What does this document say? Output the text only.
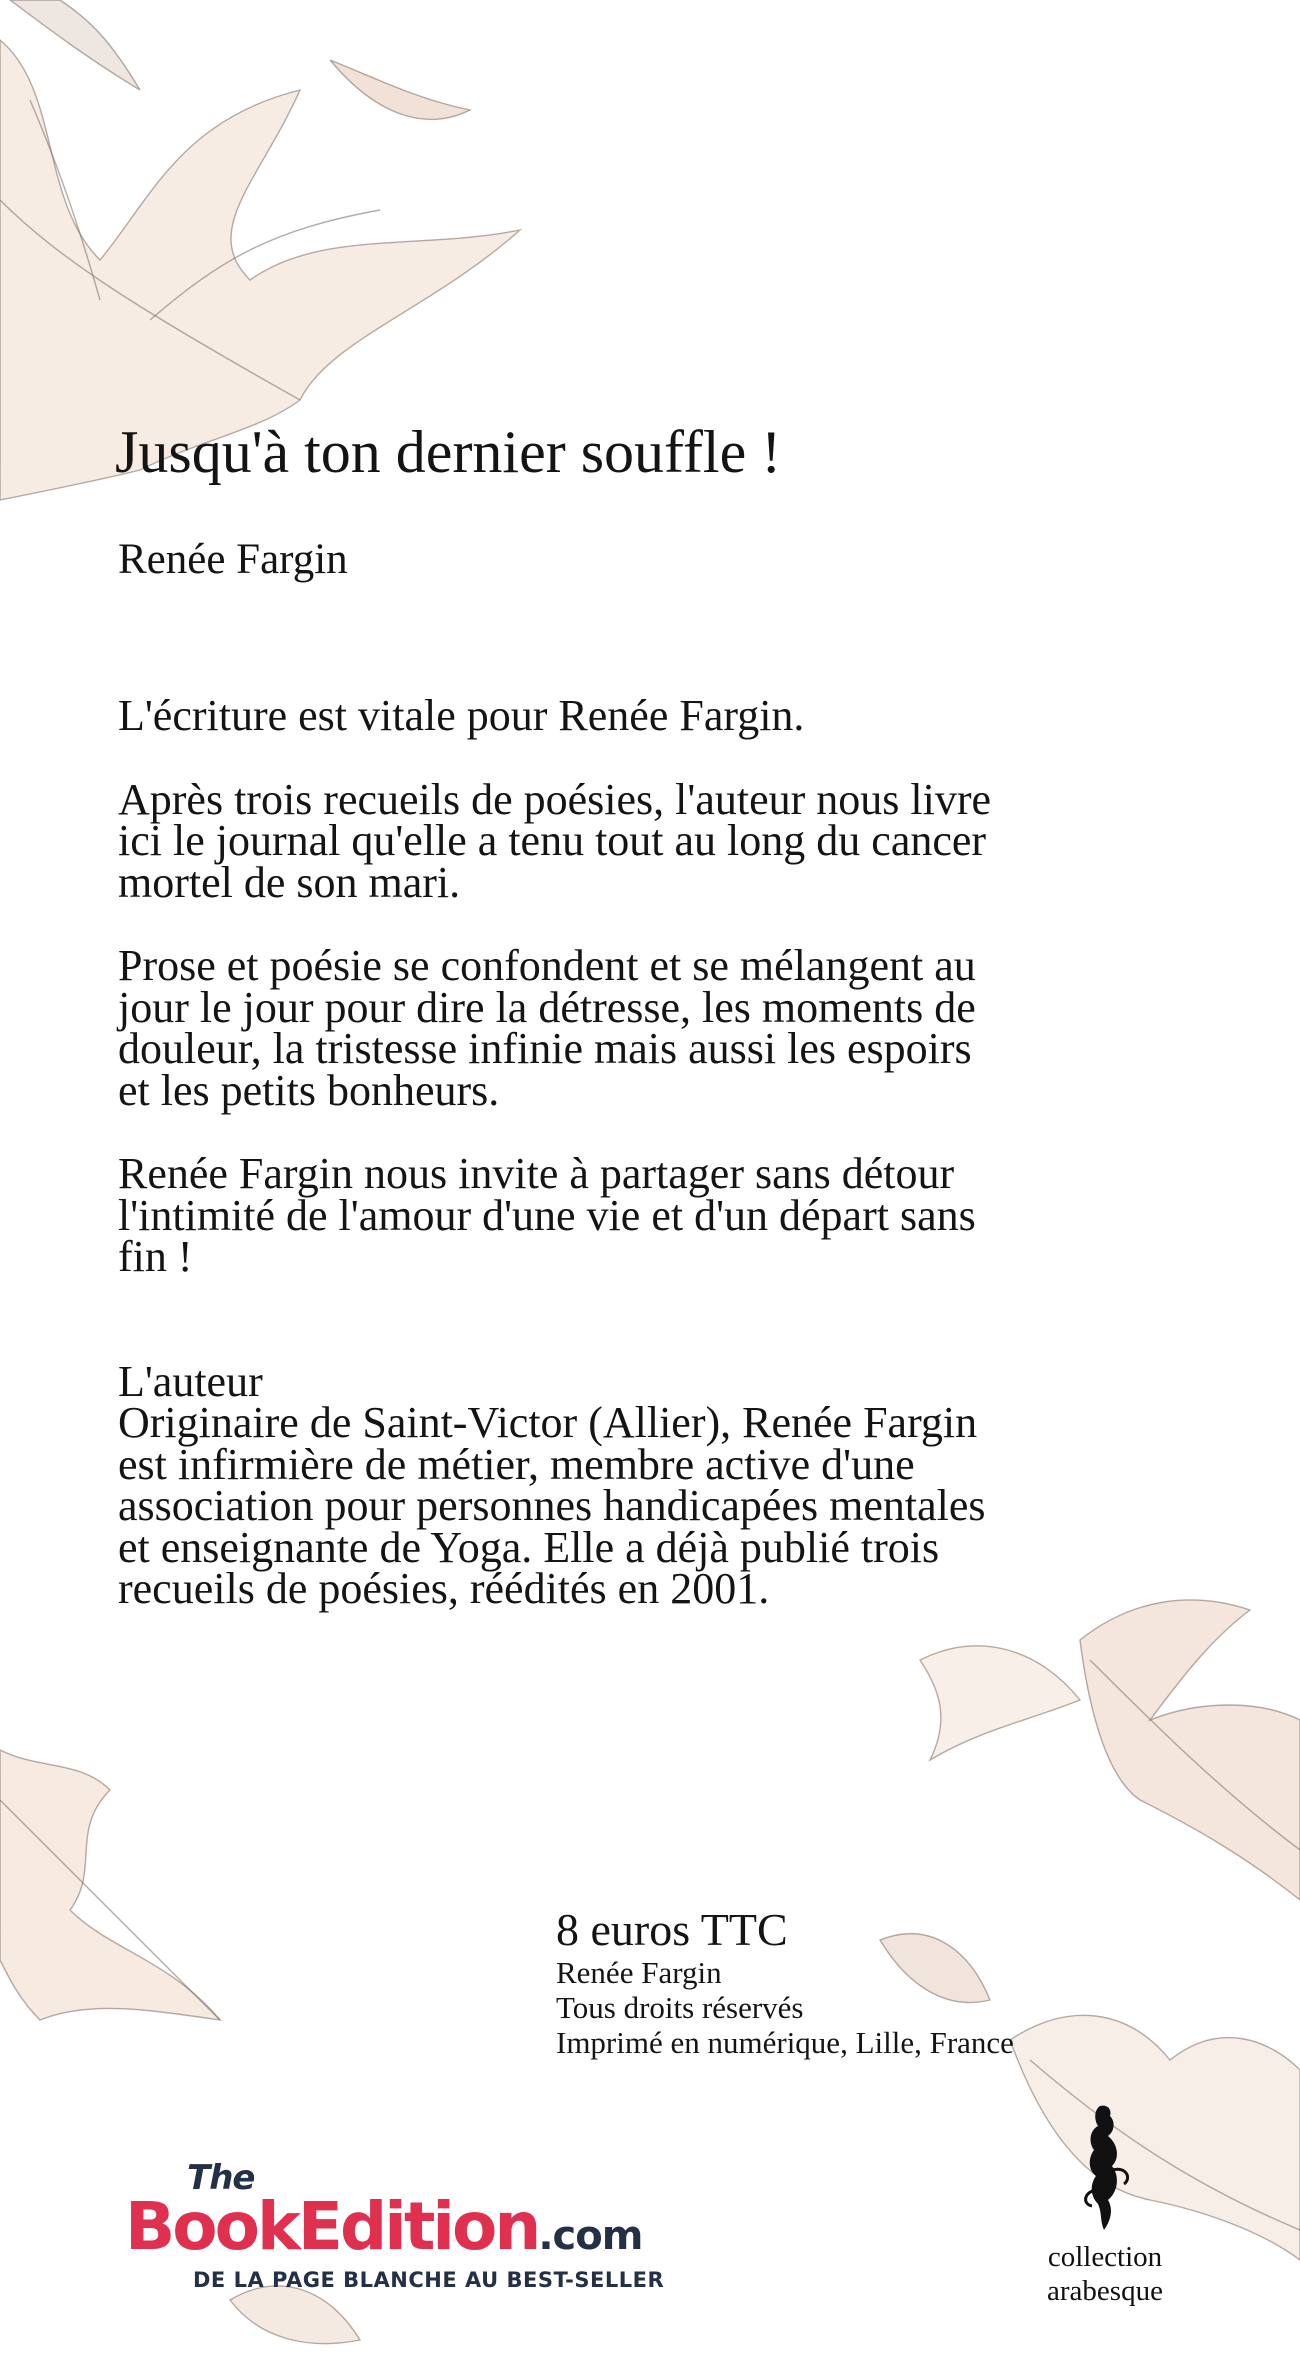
Jusqu'à ton dernier souffle !
Renée Fargin

L'écriture est vitale pour Renée Fargin.

Après trois recueils de poésies, l'auteur nous livre ici le journal qu'elle a tenu tout au long du cancer mortel de son mari.

Prose et poésie se confondent et se mélangent au jour le jour pour dire la détresse, les moments de douleur, la tristesse infinie mais aussi les espoirs et les petits bonheurs.

Renée Fargin nous invite à partager sans détour l'intimité de l'amour d'une vie et d'un départ sans fin !

L'auteur

Originaire de Saint-Victor (Allier), Renée Fargin est infirmière de métier, membre active d'une association pour personnes handicapées mentales et enseignante de Yoga. Elle a déjà publié trois recueils de poésies, réédités en 2001.

8 euros TTC
Renée Fargin
Tous droits réservés
Imprimé en numérique, Lille, France
The
BookEdition.com
DE LA PAGE BLANCHE AU BEST-SELLER
collection
arabesque
